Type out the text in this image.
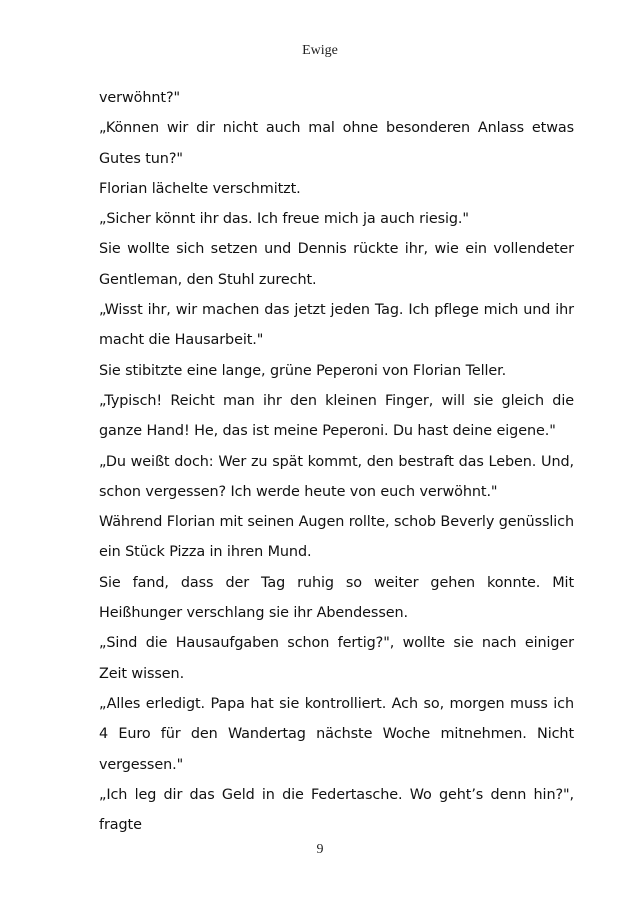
Ewige

verwöhnt?"

„Können wir dir nicht auch mal ohne besonderen Anlass etwas Gutes tun?"

Florian lächelte verschmitzt.

„Sicher könnt ihr das. Ich freue mich ja auch riesig."

Sie wollte sich setzen und Dennis rückte ihr, wie ein vollendeter Gentleman, den Stuhl zurecht.

„Wisst ihr, wir machen das jetzt jeden Tag. Ich pflege mich und ihr macht die Hausarbeit."

Sie stibitzte eine lange, grüne Peperoni von Florian Teller.

„Typisch! Reicht man ihr den kleinen Finger, will sie gleich die ganze Hand! He, das ist meine Peperoni. Du hast deine eigene."

„Du weißt doch: Wer zu spät kommt, den bestraft das Leben. Und, schon vergessen? Ich werde heute von euch verwöhnt."

Während Florian mit seinen Augen rollte, schob Beverly genüsslich ein Stück Pizza in ihren Mund.

Sie fand, dass der Tag ruhig so weiter gehen konnte. Mit Heißhunger verschlang sie ihr Abendessen.

„Sind die Hausaufgaben schon fertig?", wollte sie nach einiger Zeit wissen.

„Alles erledigt. Papa hat sie kontrolliert. Ach so, morgen muss ich 4 Euro für den Wandertag nächste Woche mitnehmen. Nicht vergessen."

„Ich leg dir das Geld in die Federtasche. Wo geht’s denn hin?", fragte

9
